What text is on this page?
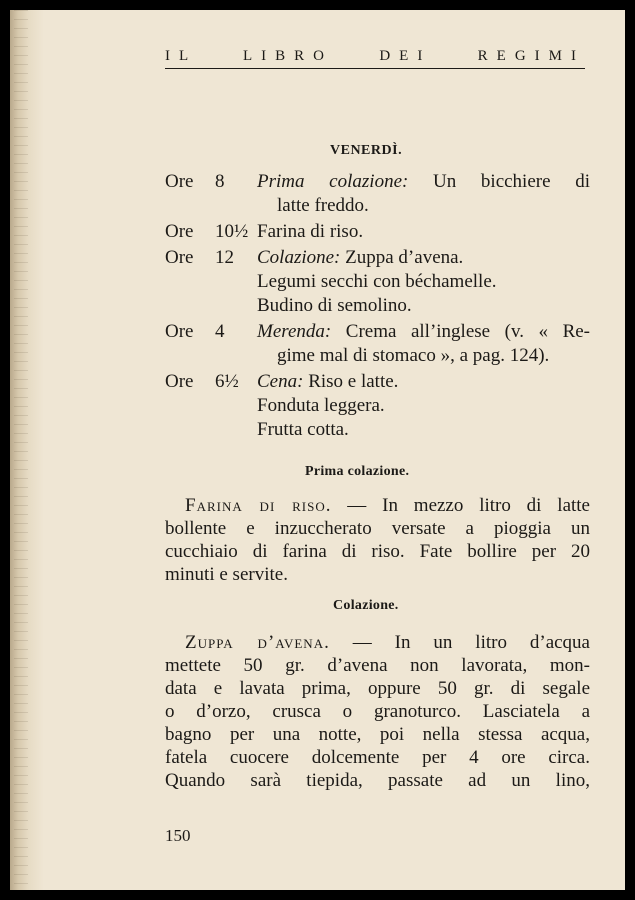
IL LIBRO DEI REGIMI
VENERDÌ.
Ore	8	Prima colazione: Un bicchiere di
latte freddo.
Ore	10½ Farina di riso.
Ore	12	Colazione: Zuppa d’avena.
Legumi secchi con béchamelle.
Budino di semolino.
Ore	4	Merenda: Crema all’inglese (v. « Re-
gime mal di stomaco », a pag. 124).
Ore	6½ Cena: Riso e latte.
Fonduta leggera.
Frutta cotta.
Prima colazione.
Farina di riso. — In mezzo litro di latte
bollente e inzuccherato versate a pioggia un
cucchiaio di farina di riso. Fate bollire per 20
minuti e servite.
Colazione.
Zuppa d’avena. — In un litro d’acqua
mettete 50 gr. d’avena non lavorata, mon-
data e lavata prima, oppure 50 gr. di segale
o d’orzo, crusca o granoturco. Lasciatela a
bagno per una notte, poi nella stessa acqua,
fatela cuocere dolcemente per 4 ore circa.
Quando sarà tiepida, passate ad un lino,
150
